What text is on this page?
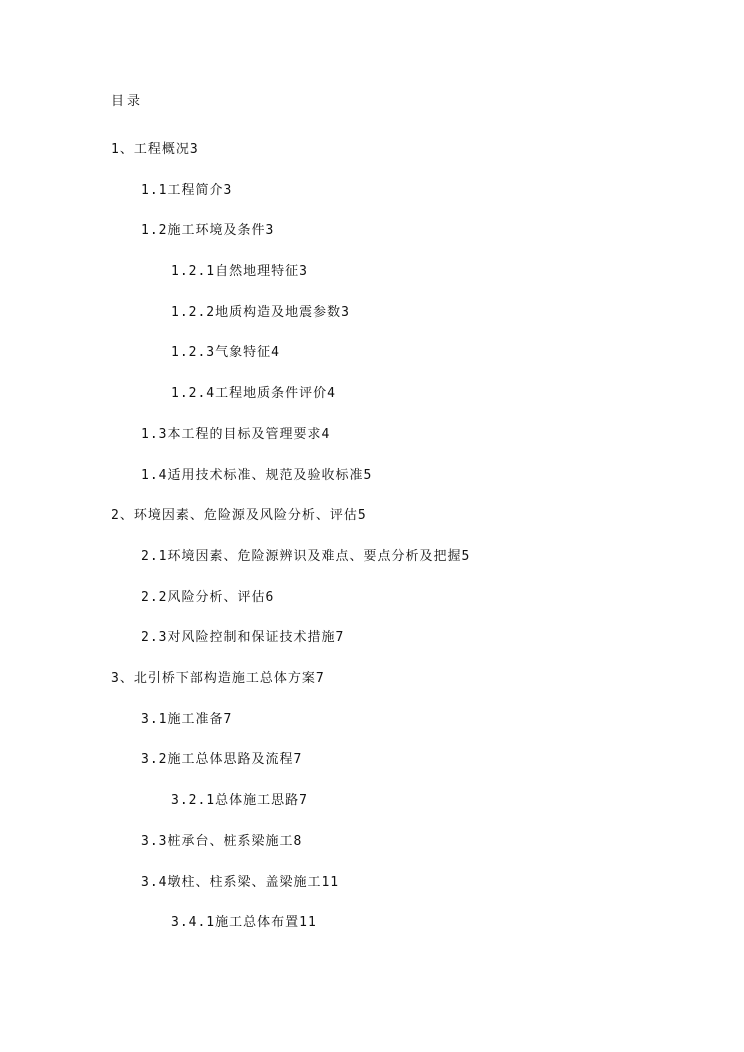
目录
1、工程概况3
1.1工程简介3
1.2施工环境及条件3
1.2.1自然地理特征3
1.2.2地质构造及地震参数3
1.2.3气象特征4
1.2.4工程地质条件评价4
1.3本工程的目标及管理要求4
1.4适用技术标准、规范及验收标准5
2、环境因素、危险源及风险分析、评估5
2.1环境因素、危险源辨识及难点、要点分析及把握5
2.2风险分析、评估6
2.3对风险控制和保证技术措施7
3、北引桥下部构造施工总体方案7
3.1施工准备7
3.2施工总体思路及流程7
3.2.1总体施工思路7
3.3桩承台、桩系梁施工8
3.4墩柱、柱系梁、盖梁施工11
3.4.1施工总体布置11
